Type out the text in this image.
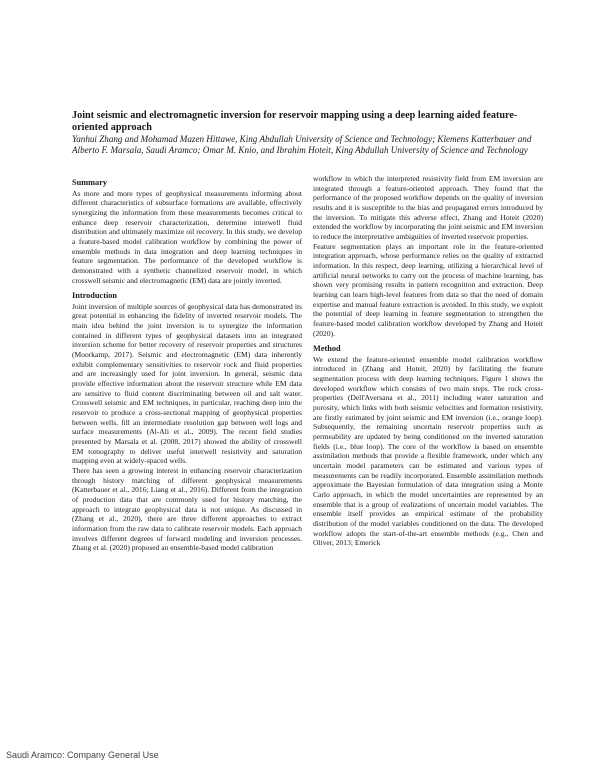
Joint seismic and electromagnetic inversion for reservoir mapping using a deep learning aided feature-oriented approach
Yanhui Zhang and Mohamad Mazen Hittawe, King Abdullah University of Science and Technology; Klemens Katterbauer and Alberto F. Marsala, Saudi Aramco; Omar M. Knio, and Ibrahim Hoteit, King Abdullah University of Science and Technology
Summary

As more and more types of geophysical measurements informing about different characteristics of subsurface formations are available, effectively synergizing the information from these measurements becomes critical to enhance deep reservoir characterization, determine interwell fluid distribution and ultimately maximize oil recovery. In this study, we develop a feature-based model calibration workflow by combining the power of ensemble methods in data integration and deep learning techniques in feature segmentation. The performance of the developed workflow is demonstrated with a synthetic channelized reservoir model, in which crosswell seismic and electromagnetic (EM) data are jointly inverted.

Introduction

Joint inversion of multiple sources of geophysical data has demonstrated its great potential in enhancing the fidelity of inverted reservoir models. The main idea behind the joint inversion is to synergize the information contained in different types of geophysical datasets into an integrated inversion scheme for better recovery of reservoir properties and structures (Moorkamp, 2017). Seismic and electromagnetic (EM) data inherently exhibit complementary sensitivities to reservoir rock and fluid properties and are increasingly used for joint inversion. In general, seismic data provide effective information about the reservoir structure while EM data are sensitive to fluid content discriminating between oil and salt water. Crosswell seismic and EM techniques, in particular, reaching deep into the reservoir to produce a cross-sectional mapping of geophysical properties between wells, fill an intermediate resolution gap between well logs and surface measurements (Al-Ali et al., 2009). The recent field studies presented by Marsala et al. (2008, 2017) showed the ability of crosswell EM tomography to deliver useful interwell resistivity and saturation mapping even at widely-spaced wells.

There has seen a growing interest in enhancing reservoir characterization through history matching of different geophysical measurements (Katterbauer et al., 2016; Liang et al., 2016). Different from the integration of production data that are commonly used for history matching, the approach to integrate geophysical data is not unique. As discussed in (Zhang et al., 2020), there are three different approaches to extract information from the raw data to calibrate reservoir models. Each approach involves different degrees of forward modeling and inversion processes. Zhang et al. (2020) proposed an ensemble-based model calibration

workflow in which the interpreted resistivity field from EM inversion are integrated through a feature-oriented approach. They found that the performance of the proposed workflow depends on the quality of inversion results and it is susceptible to the bias and propagated errors introduced by the inversion. To mitigate this adverse effect, Zhang and Hoteit (2020) extended the workflow by incorporating the joint seismic and EM inversion to reduce the interpretative ambiguities of inverted reservoir properties.

Feature segmentation plays an important role in the feature-oriented integration approach, whose performance relies on the quality of extracted information. In this respect, deep learning, utilizing a hierarchical level of artificial neural networks to carry out the process of machine learning, has shown very promising results in pattern recognition and extraction. Deep learning can learn high-level features from data so that the need of domain expertise and manual feature extraction is avoided. In this study, we exploit the potential of deep learning in feature segmentation to strengthen the feature-based model calibration workflow developed by Zhang and Hoteit (2020).

Method

We extend the feature-oriented ensemble model calibration workflow introduced in (Zhang and Hoteit, 2020) by facilitating the feature segmentation process with deep learning techniques. Figure 1 shows the developed workflow which consists of two main steps. The rock cross-properties (Dell'Aversana et al., 2011) including water saturation and porosity, which links with both seismic velocities and formation resistivity, are firstly estimated by joint seismic and EM inversion (i.e., orange loop). Subsequently, the remaining uncertain reservoir properties such as permeability are updated by being conditioned on the inverted saturation fields (i.e., blue loop). The core of the workflow is based on ensemble assimilation methods that provide a flexible framework, under which any uncertain model parameters can be estimated and various types of measurements can be readily incorporated. Ensemble assimilation methods approximate the Bayesian formulation of data integration using a Monte Carlo approach, in which the model uncertainties are represented by an ensemble that is a group of realizations of uncertain model variables. The ensemble itself provides an empirical estimate of the probability distribution of the model variables conditioned on the data. The developed workflow adopts the start-of-the-art ensemble methods (e.g., Chen and Oliver, 2013; Emerick

Saudi Aramco: Company General Use
